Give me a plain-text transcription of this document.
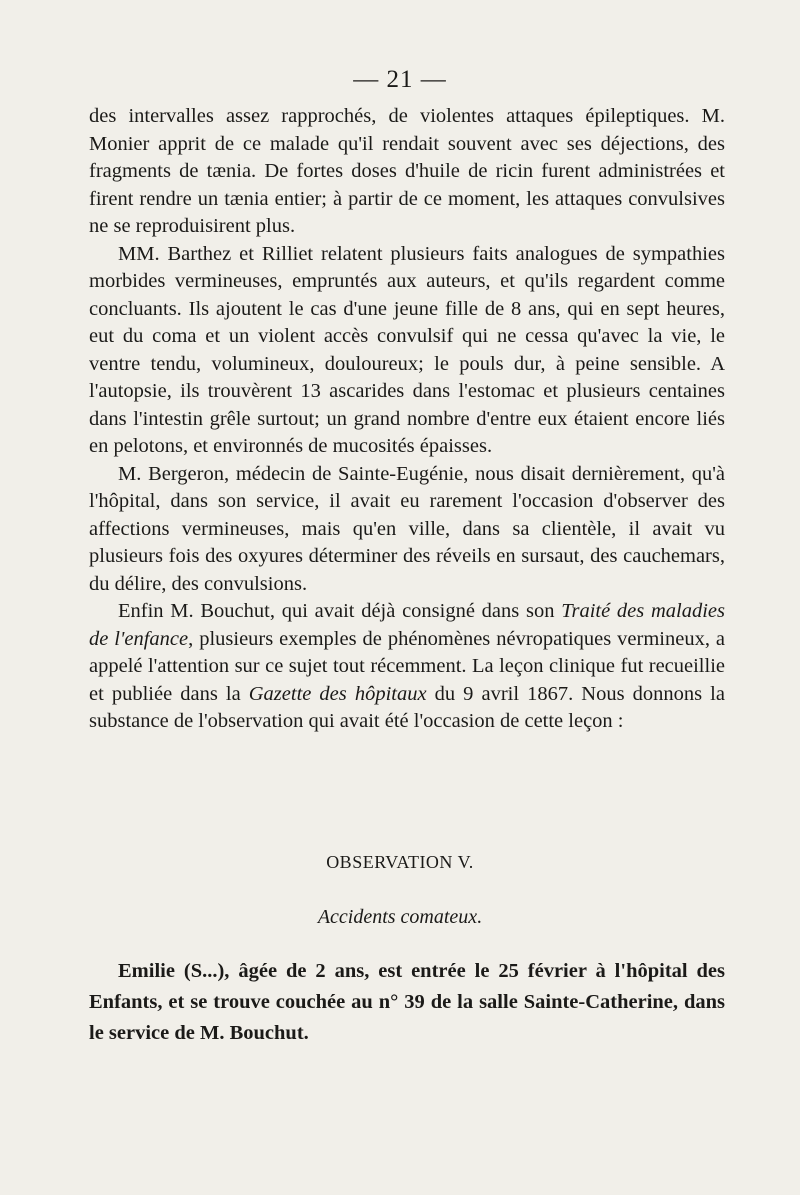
— 21 —

des intervalles assez rapprochés, de violentes attaques épileptiques. M. Monier apprit de ce malade qu'il rendait souvent avec ses déjections, des fragments de tænia. De fortes doses d'huile de ricin furent administrées et firent rendre un tænia entier; à partir de ce moment, les attaques convulsives ne se reproduisirent plus.

MM. Barthez et Rilliet relatent plusieurs faits analogues de sympathies morbides vermineuses, empruntés aux auteurs, et qu'ils regardent comme concluants. Ils ajoutent le cas d'une jeune fille de 8 ans, qui en sept heures, eut du coma et un violent accès convulsif qui ne cessa qu'avec la vie, le ventre tendu, volumineux, douloureux; le pouls dur, à peine sensible. A l'autopsie, ils trouvèrent 13 ascarides dans l'estomac et plusieurs centaines dans l'intestin grêle surtout; un grand nombre d'entre eux étaient encore liés en pelotons, et environnés de mucosités épaisses.

M. Bergeron, médecin de Sainte-Eugénie, nous disait dernièrement, qu'à l'hôpital, dans son service, il avait eu rarement l'occasion d'observer des affections vermineuses, mais qu'en ville, dans sa clientèle, il avait vu plusieurs fois des oxyures déterminer des réveils en sursaut, des cauchemars, du délire, des convulsions.

Enfin M. Bouchut, qui avait déjà consigné dans son Traité des maladies de l'enfance, plusieurs exemples de phénomènes névropatiques vermineux, a appelé l'attention sur ce sujet tout récemment. La leçon clinique fut recueillie et publiée dans la Gazette des hôpitaux du 9 avril 1867. Nous donnons la substance de l'observation qui avait été l'occasion de cette leçon :

OBSERVATION V.
Accidents comateux.

Emilie (S...), âgée de 2 ans, est entrée le 25 février à l'hôpital des Enfants, et se trouve couchée au n° 39 de la salle Sainte-Catherine, dans le service de M. Bouchut.
